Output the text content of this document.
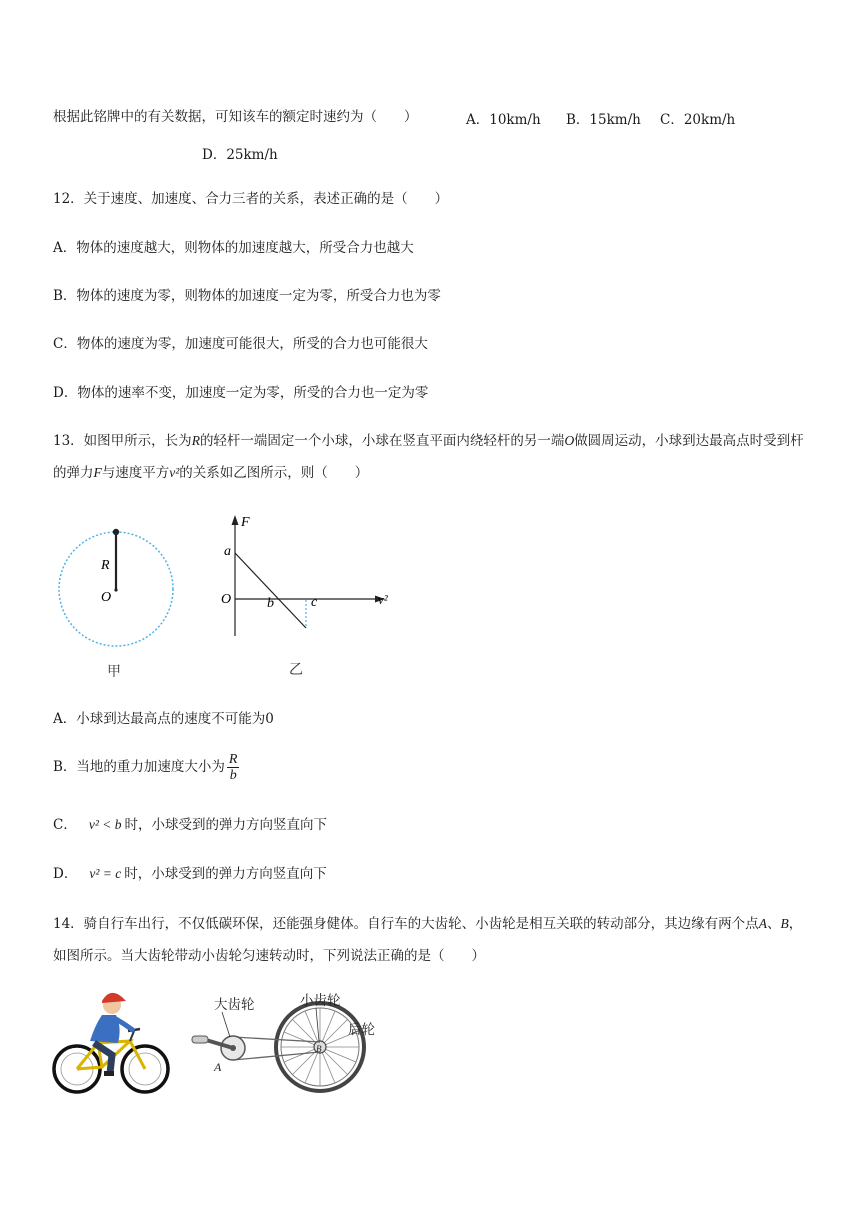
根据此铭牌中的有关数据，可知该车的额定时速约为（　　）	A．10km/h B．15km/h C．20km/h
D．25km/h
12．关于速度、加速度、合力三者的关系，表述正确的是（　　）
A．物体的速度越大，则物体的加速度越大，所受合力也越大
B．物体的速度为零，则物体的加速度一定为零，所受合力也为零
C．物体的速度为零，加速度可能很大，所受的合力也可能很大
D．物体的速率不变，加速度一定为零，所受的合力也一定为零
13．如图甲所示，长为R的轻杆一端固定一个小球，小球在竖直平面内绕轻杆的另一端O做圆周运动，小球到达最高点时受到杆的弹力F与速度平方v²的关系如乙图所示，则（　　）
R
O
甲
F
a
O	b	c	v²
乙
A．小球到达最高点的速度不可能为0
B．当地的重力加速度大小为 $\frac{R}{b}$
C． v² < b 时，小球受到的弹力方向竖直向下
D． v² = c 时，小球受到的弹力方向竖直向下
14．骑自行车出行，不仅低碳环保，还能强身健体。自行车的大齿轮、小齿轮是相互关联的转动部分，其边缘有两个点A、B，如图所示。当大齿轮带动小齿轮匀速转动时，下列说法正确的是（　　）
大齿轮	小齿轮
后轮
A
B
